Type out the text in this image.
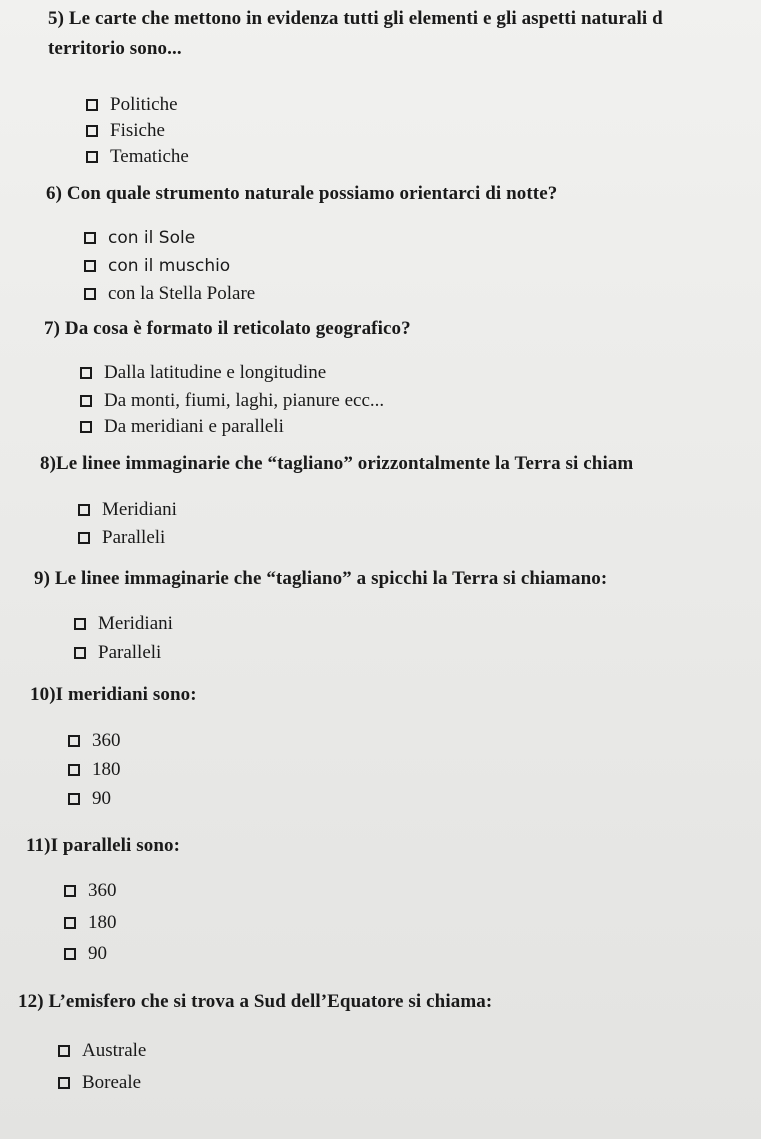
5) Le carte che mettono in evidenza tutti gli elementi e gli aspetti naturali d
territorio sono...
Politiche
Fisiche
Tematiche
6) Con quale strumento naturale possiamo orientarci di notte?
con il Sole
con il muschio
con la Stella Polare
7) Da cosa è formato il reticolato geografico?
Dalla latitudine e longitudine
Da monti, fiumi, laghi, pianure ecc...
Da meridiani e paralleli
8)Le linee immaginarie che “tagliano” orizzontalmente la Terra si chiam
Meridiani
Paralleli
9) Le linee immaginarie che “tagliano” a spicchi la Terra si chiamano:
Meridiani
Paralleli
10)I meridiani sono:
360
180
90
11)I paralleli sono:
360
180
90
12) L’emisfero che si trova a Sud dell’Equatore si chiama:
Australe
Boreale
